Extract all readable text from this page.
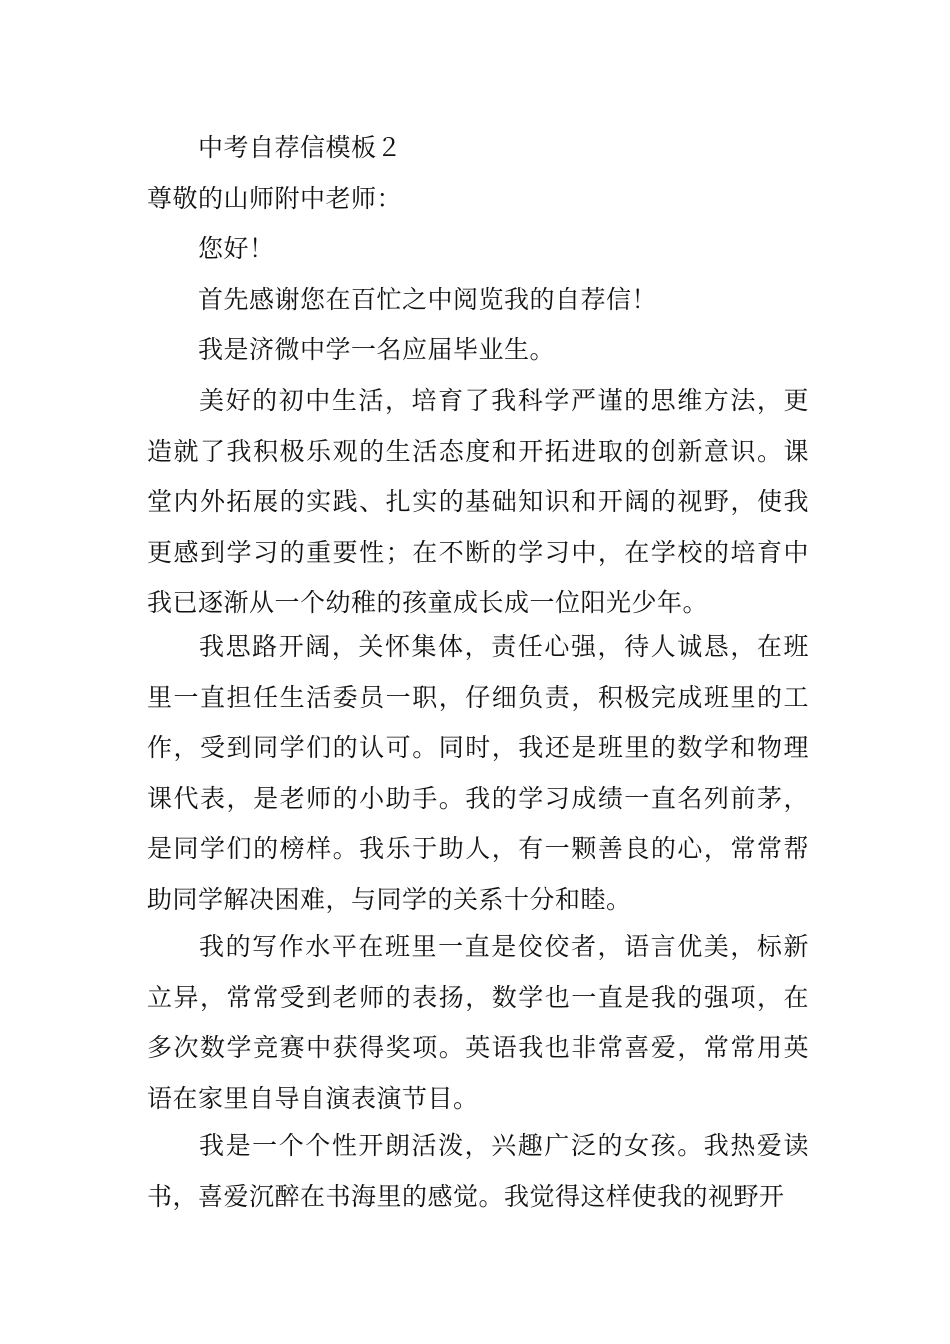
中考自荐信模板２
尊敬的山师附中老师：
您好！
首先感谢您在百忙之中阅览我的自荐信！
我是济微中学一名应届毕业生。
美好的初中生活，培育了我科学严谨的思维方法，更造就了我积极乐观的生活态度和开拓进取的创新意识。课堂内外拓展的实践、扎实的基础知识和开阔的视野，使我更感到学习的重要性；在不断的学习中，在学校的培育中我已逐渐从一个幼稚的孩童成长成一位阳光少年。
我思路开阔，关怀集体，责任心强，待人诚恳，在班里一直担任生活委员一职，仔细负责，积极完成班里的工作，受到同学们的认可。同时，我还是班里的数学和物理课代表，是老师的小助手。我的学习成绩一直名列前茅，是同学们的榜样。我乐于助人，有一颗善良的心，常常帮助同学解决困难，与同学的关系十分和睦。
我的写作水平在班里一直是佼佼者，语言优美，标新立异，常常受到老师的表扬，数学也一直是我的强项，在多次数学竞赛中获得奖项。英语我也非常喜爱，常常用英语在家里自导自演表演节目。
我是一个个性开朗活泼，兴趣广泛的女孩。我热爱读书，喜爱沉醉在书海里的感觉。我觉得这样使我的视野开
